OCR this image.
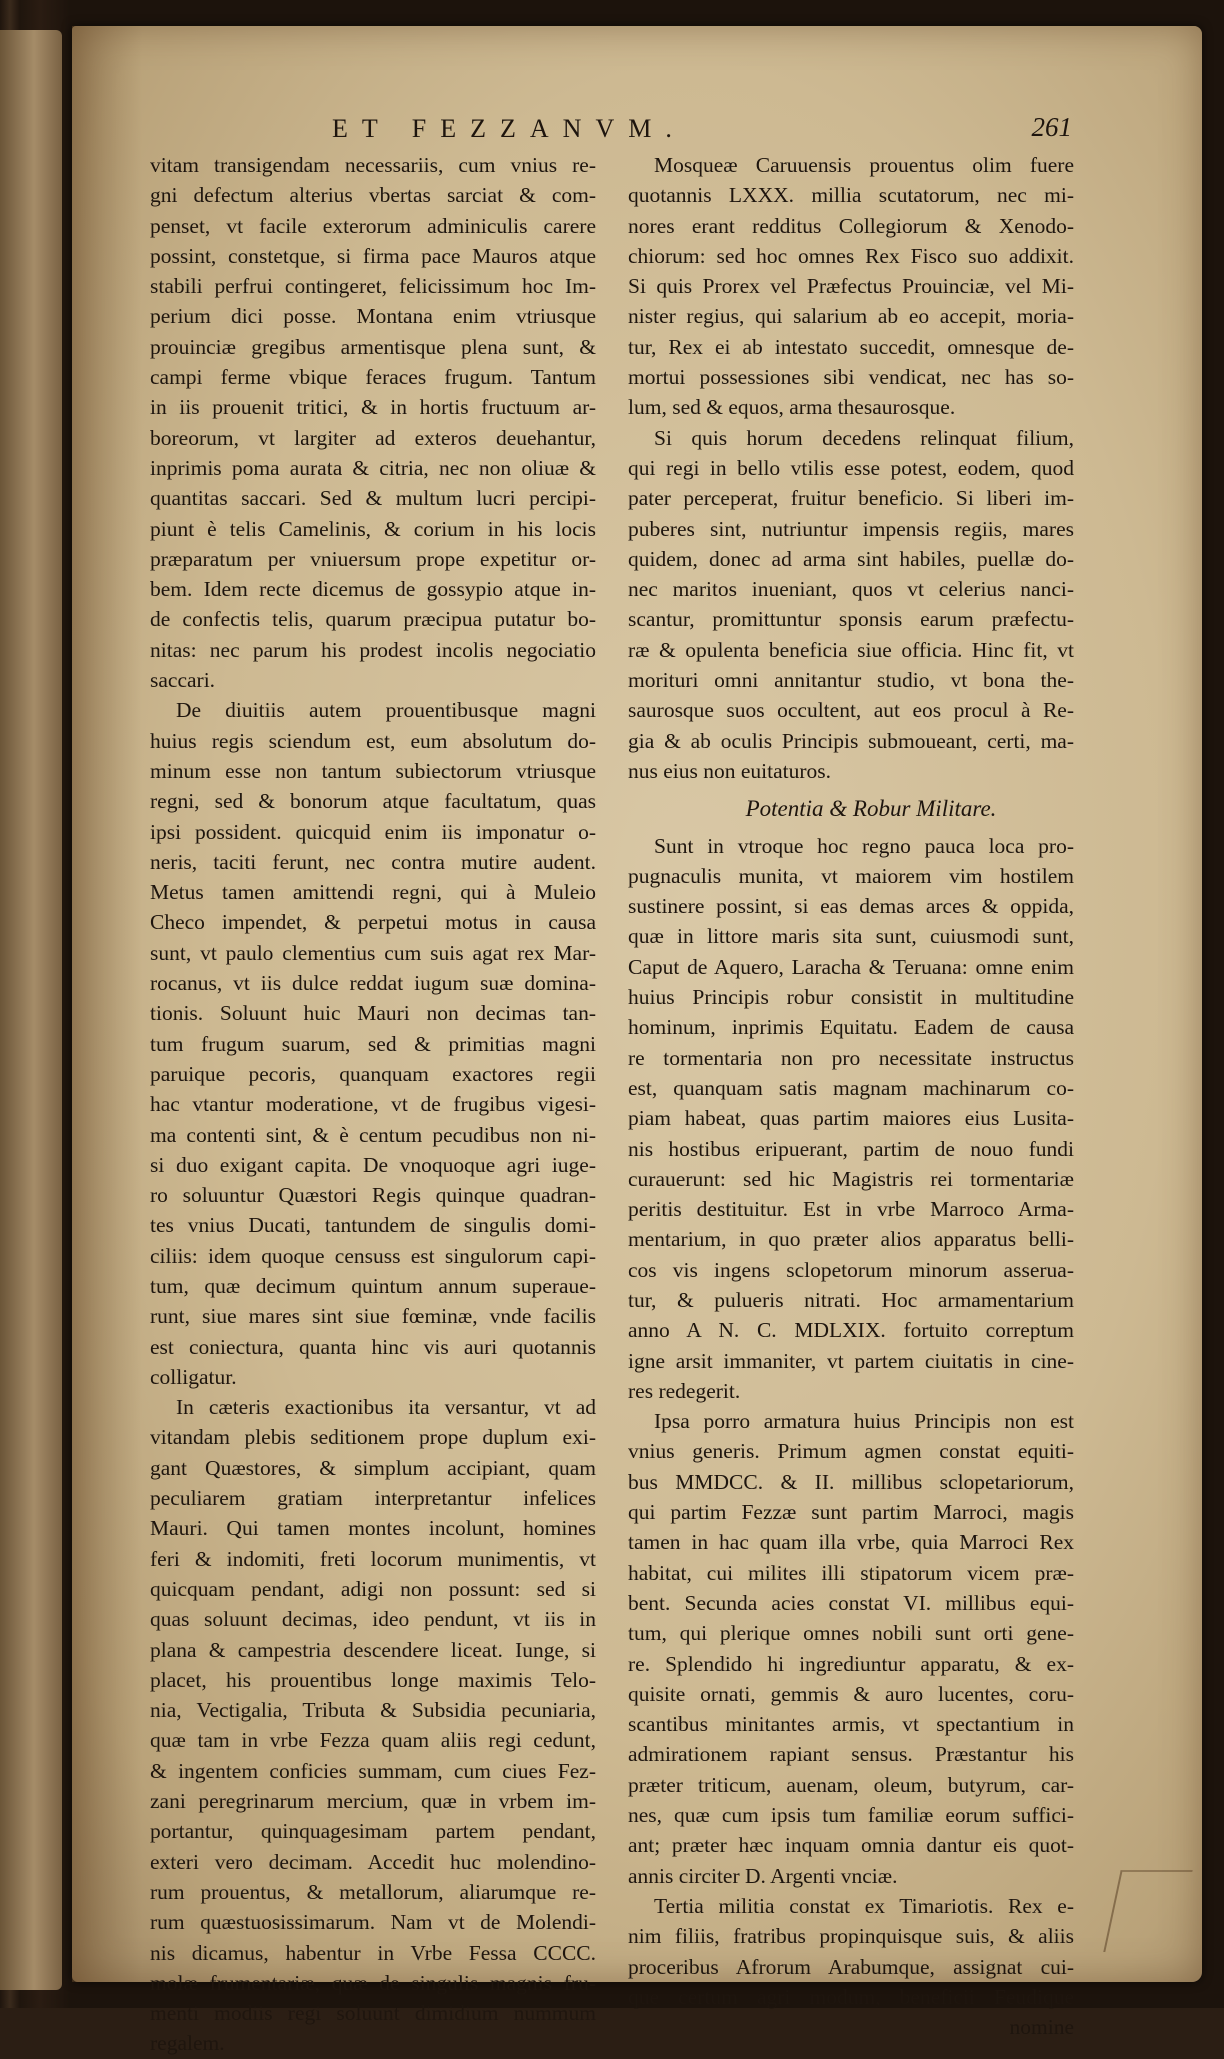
ET FEZZANVM.	261
vitam transigendam necessariis, cum vnius re-
gni defectum alterius vbertas sarciat & com-
penset, vt facile exterorum adminiculis carere
possint, constetque, si firma pace Mauros atque
stabili perfrui contingeret, felicissimum hoc Im-
perium dici posse. Montana enim vtriusque
prouinciæ gregibus armentisque plena sunt, &
campi ferme vbique feraces frugum. Tantum
in iis prouenit tritici, & in hortis fructuum ar-
boreorum, vt largiter ad exteros deuehantur,
inprimis poma aurata & citria, nec non oliuæ &
quantitas saccari. Sed & multum lucri percipi-
piunt è telis Camelinis, & corium in his locis
præparatum per vniuersum prope expetitur or-
bem. Idem recte dicemus de gossypio atque in-
de confectis telis, quarum præcipua putatur bo-
nitas: nec parum his prodest incolis negociatio
saccari.
De diuitiis autem prouentibusque magni
huius regis sciendum est, eum absolutum do-
minum esse non tantum subiectorum vtriusque
regni, sed & bonorum atque facultatum, quas
ipsi possident. quicquid enim iis imponatur o-
neris, taciti ferunt, nec contra mutire audent.
Metus tamen amittendi regni, qui à Muleio
Checo impendet, & perpetui motus in causa
sunt, vt paulo clementius cum suis agat rex Mar-
rocanus, vt iis dulce reddat iugum suæ domina-
tionis. Soluunt huic Mauri non decimas tan-
tum frugum suarum, sed & primitias magni
paruique pecoris, quanquam exactores regii
hac vtantur moderatione, vt de frugibus vigesi-
ma contenti sint, & è centum pecudibus non ni-
si duo exigant capita. De vnoquoque agri iuge-
ro soluuntur Quæstori Regis quinque quadran-
tes vnius Ducati, tantundem de singulis domi-
ciliis: idem quoque censuss est singulorum capi-
tum, quæ decimum quintum annum superaue-
runt, siue mares sint siue fœminæ, vnde facilis
est coniectura, quanta hinc vis auri quotannis
colligatur.
In cæteris exactionibus ita versantur, vt ad
vitandam plebis seditionem prope duplum exi-
gant Quæstores, & simplum accipiant, quam
peculiarem gratiam interpretantur infelices
Mauri. Qui tamen montes incolunt, homines
feri & indomiti, freti locorum munimentis, vt
quicquam pendant, adigi non possunt: sed si
quas soluunt decimas, ideo pendunt, vt iis in
plana & campestria descendere liceat. Iunge, si
placet, his prouentibus longe maximis Telo-
nia, Vectigalia, Tributa & Subsidia pecuniaria,
quæ tam in vrbe Fezza quam aliis regi cedunt,
& ingentem conficies summam, cum ciues Fez-
zani peregrinarum mercium, quæ in vrbem im-
portantur, quinquagesimam partem pendant,
exteri vero decimam. Accedit huc molendino-
rum prouentus, & metallorum, aliarumque re-
rum quæstuosissimarum. Nam vt de Molendi-
nis dicamus, habentur in Vrbe Fessa CCCC.
molæ frumentariæ, quæ de singulis magnis fru-
menti modiis regi soluunt dimidium nummum
regalem.
Mosqueæ Caruuensis prouentus olim fuere
quotannis LXXX. millia scutatorum, nec mi-
nores erant redditus Collegiorum & Xenodo-
chiorum: sed hoc omnes Rex Fisco suo addixit.
Si quis Prorex vel Præfectus Prouinciæ, vel Mi-
nister regius, qui salarium ab eo accepit, moria-
tur, Rex ei ab intestato succedit, omnesque de-
mortui possessiones sibi vendicat, nec has so-
lum, sed & equos, arma thesaurosque.
Si quis horum decedens relinquat filium,
qui regi in bello vtilis esse potest, eodem, quod
pater perceperat, fruitur beneficio. Si liberi im-
puberes sint, nutriuntur impensis regiis, mares
quidem, donec ad arma sint habiles, puellæ do-
nec maritos inueniant, quos vt celerius nanci-
scantur, promittuntur sponsis earum præfectu-
ræ & opulenta beneficia siue officia. Hinc fit, vt
morituri omni annitantur studio, vt bona the-
saurosque suos occultent, aut eos procul à Re-
gia & ab oculis Principis submoueant, certi, ma-
nus eius non euitaturos.
Potentia & Robur Militare.
Sunt in vtroque hoc regno pauca loca pro-
pugnaculis munita, vt maiorem vim hostilem
sustinere possint, si eas demas arces & oppida,
quæ in littore maris sita sunt, cuiusmodi sunt,
Caput de Aquero, Laracha & Teruana: omne enim
huius Principis robur consistit in multitudine
hominum, inprimis Equitatu. Eadem de causa
re tormentaria non pro necessitate instructus
est, quanquam satis magnam machinarum co-
piam habeat, quas partim maiores eius Lusita-
nis hostibus eripuerant, partim de nouo fundi
curauerunt: sed hic Magistris rei tormentariæ
peritis destituitur. Est in vrbe Marroco Arma-
mentarium, in quo præter alios apparatus belli-
cos vis ingens sclopetorum minorum asserua-
tur, & pulueris nitrati. Hoc armamentarium
anno A N. C. MDLXIX. fortuito correptum
igne arsit immaniter, vt partem ciuitatis in cine-
res redegerit.
Ipsa porro armatura huius Principis non est
vnius generis. Primum agmen constat equiti-
bus MMDCC. & II. millibus sclopetariorum,
qui partim Fezzæ sunt partim Marroci, magis
tamen in hac quam illa vrbe, quia Marroci Rex
habitat, cui milites illi stipatorum vicem præ-
bent. Secunda acies constat VI. millibus equi-
tum, qui plerique omnes nobili sunt orti gene-
re. Splendido hi ingrediuntur apparatu, & ex-
quisite ornati, gemmis & auro lucentes, coru-
scantibus minitantes armis, vt spectantium in
admirationem rapiant sensus. Præstantur his
præter triticum, auenam, oleum, butyrum, car-
nes, quæ cum ipsis tum familiæ eorum suffici-
ant; præter hæc inquam omnia dantur eis quot-
annis circiter D. Argenti vnciæ.
Tertia militia constat ex Timariotis. Rex e-
nim filiis, fratribus propinquisque suis, & aliis
proceribus Afrorum Arabumque, assignat cui-
que certum agri modum, beneficii Feudique
nomine
